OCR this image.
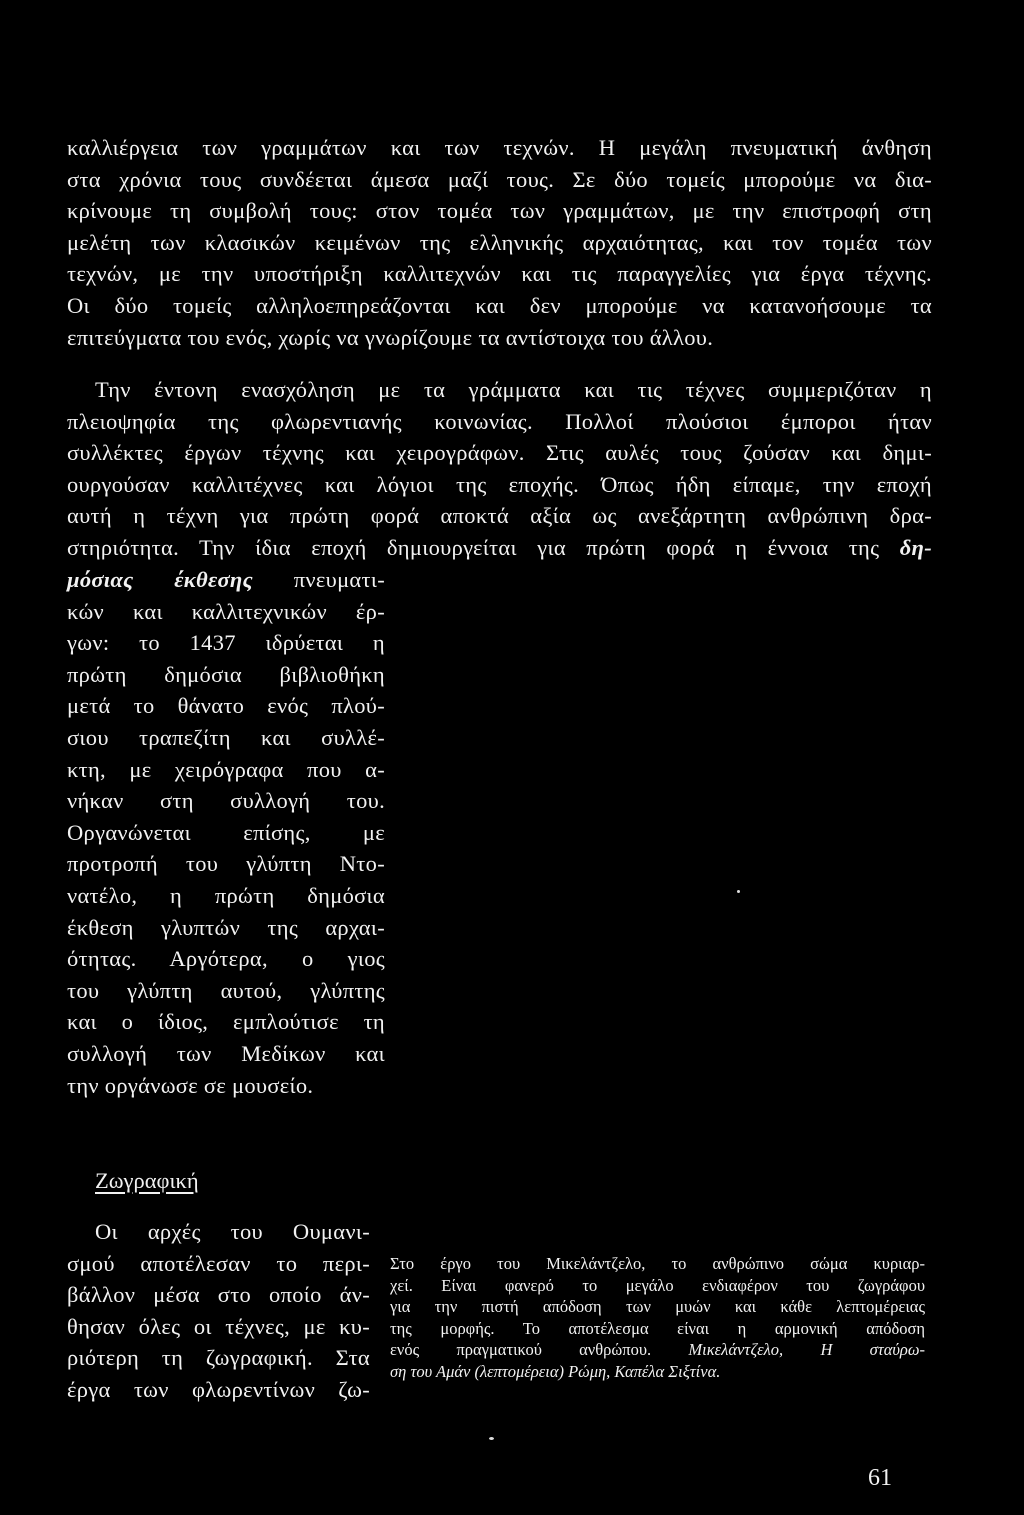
καλλιέργεια των γραμμάτων και των τεχνών. Η μεγάλη πνευματική άνθηση
στα χρόνια τους συνδέεται άμεσα μαζί τους. Σε δύο τομείς μπορούμε να δια-
κρίνουμε τη συμβολή τους: στον τομέα των γραμμάτων, με την επιστροφή στη
μελέτη των κλασικών κειμένων της ελληνικής αρχαιότητας, και τον τομέα των
τεχνών, με την υποστήριξη καλλιτεχνών και τις παραγγελίες για έργα τέχνης.
Οι δύο τομείς αλληλοεπηρεάζονται και δεν μπορούμε να κατανοήσουμε τα
επιτεύγματα του ενός, χωρίς να γνωρίζουμε τα αντίστοιχα του άλλου.
Την έντονη ενασχόληση με τα γράμματα και τις τέχνες συμμεριζόταν η
πλειοψηφία της φλωρεντιανής κοινωνίας. Πολλοί πλούσιοι έμποροι ήταν
συλλέκτες έργων τέχνης και χειρογράφων. Στις αυλές τους ζούσαν και δημι-
ουργούσαν καλλιτέχνες και λόγιοι της εποχής. Όπως ήδη είπαμε, την εποχή
αυτή η τέχνη για πρώτη φορά αποκτά αξία ως ανεξάρτητη ανθρώπινη δρα-
στηριότητα. Την ίδια εποχή δημιουργείται για πρώτη φορά η έννοια της δη-
μόσιας έκθεσης πνευματι-
κών και καλλιτεχνικών έρ-
γων: το 1437 ιδρύεται η
πρώτη δημόσια βιβλιοθήκη
μετά το θάνατο ενός πλού-
σιου τραπεζίτη και συλλέ-
κτη, με χειρόγραφα που α-
νήκαν στη συλλογή του.
Οργανώνεται επίσης, με
προτροπή του γλύπτη Ντο-
νατέλο, η πρώτη δημόσια
έκθεση γλυπτών της αρχαι-
ότητας. Αργότερα, ο γιος
του γλύπτη αυτού, γλύπτης
και ο ίδιος, εμπλούτισε τη
συλλογή των Μεδίκων και
την οργάνωσε σε μουσείο.
Ζωγραφική
Οι αρχές του Ουμανι-
σμού αποτέλεσαν το περι-
βάλλον μέσα στο οποίο άν-
θησαν όλες οι τέχνες, με κυ-
ριότερη τη ζωγραφική. Στα
έργα των φλωρεντίνων ζω-
Στο έργο του Μικελάντζελο, το ανθρώπινο σώμα κυριαρ-
χεί. Είναι φανερό το μεγάλο ενδιαφέρον του ζωγράφου
για την πιστή απόδοση των μυών και κάθε λεπτομέρειας
της μορφής. Το αποτέλεσμα είναι η αρμονική απόδοση
ενός πραγματικού ανθρώπου. Μικελάντζελο, Η σταύρω-
ση του Αμάν (λεπτομέρεια) Ρώμη, Καπέλα Σιξτίνα.
61
